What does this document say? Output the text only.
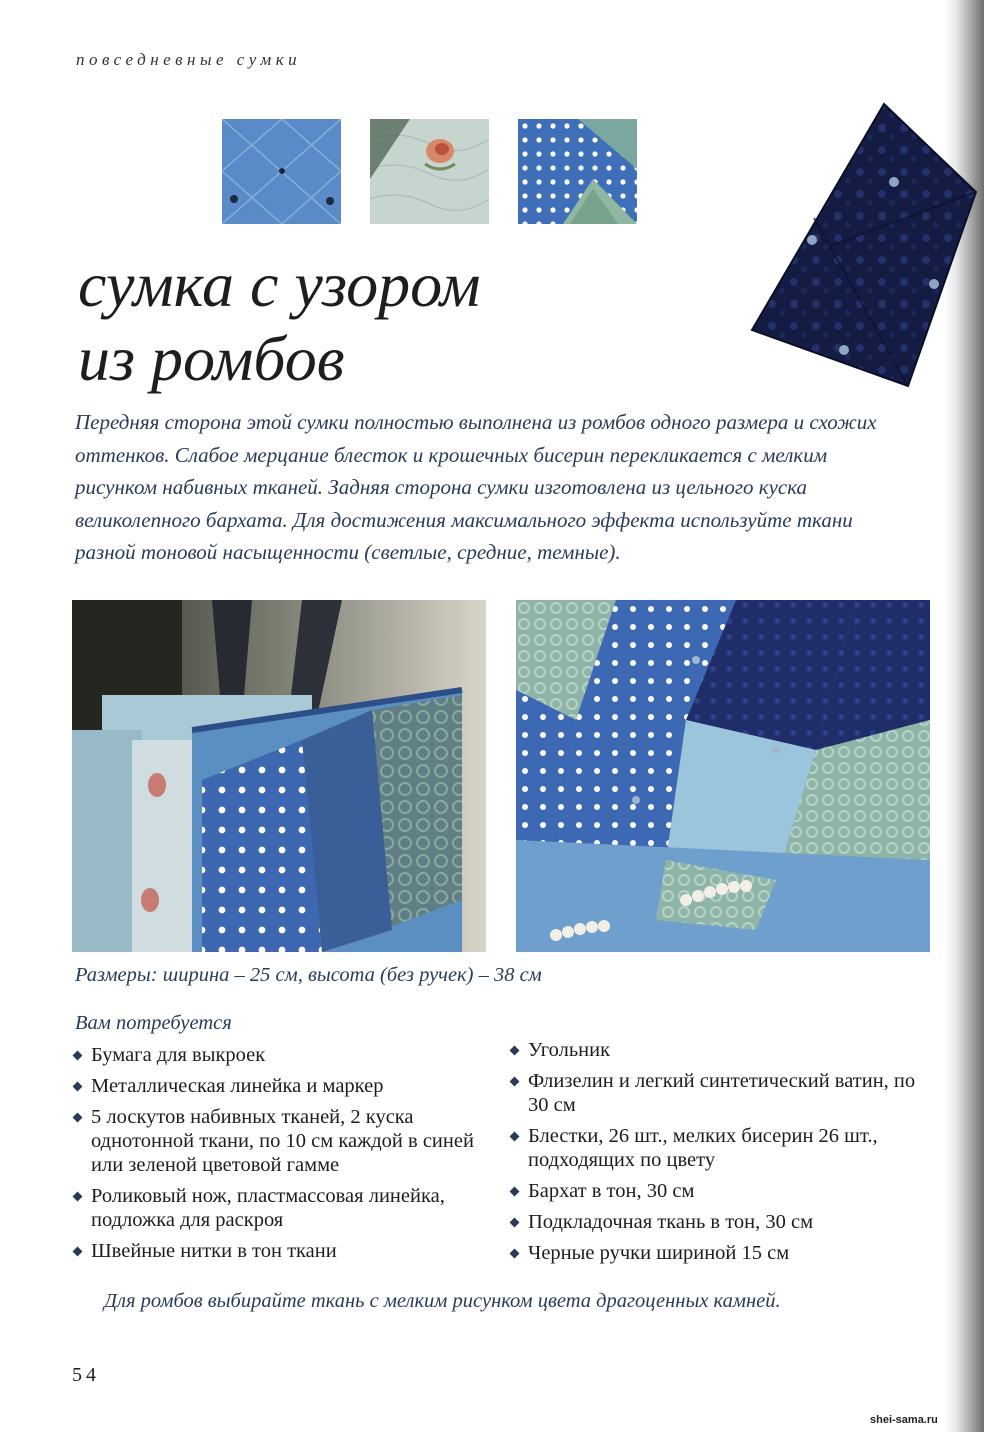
повседневные сумки
сумка с узором
из ромбов

Передняя сторона этой сумки полностью выполнена из ромбов одного размера и схожих оттенков. Слабое мерцание блесток и крошечных бисерин перекликается с мелким рисунком набивных тканей. Задняя сторона сумки изготовлена из цельного куска великолепного бархата. Для достижения максимального эффекта используйте ткани разной тоновой насыщенности (светлые, средние, темные).

Размеры: ширина – 25 см, высота (без ручек) – 38 см
Вам потребуется
Бумага для выкроек
Металлическая линейка и маркер
5 лоскутов набивных тканей, 2 куска однотонной ткани, по 10 см каждой в синей или зеленой цветовой гамме
Роликовый нож, пластмассовая линейка, подложка для раскроя
Швейные нитки в тон ткани
Угольник
Флизелин и легкий синтетический ватин, по 30 см
Блестки, 26 шт., мелких бисерин 26 шт., подходящих по цвету
Бархат в тон, 30 см
Подкладочная ткань в тон, 30 см
Черные ручки шириной 15 см
Для ромбов выбирайте ткань с мелким рисунком цвета драгоценных камней.
54
shei-sama.ru
